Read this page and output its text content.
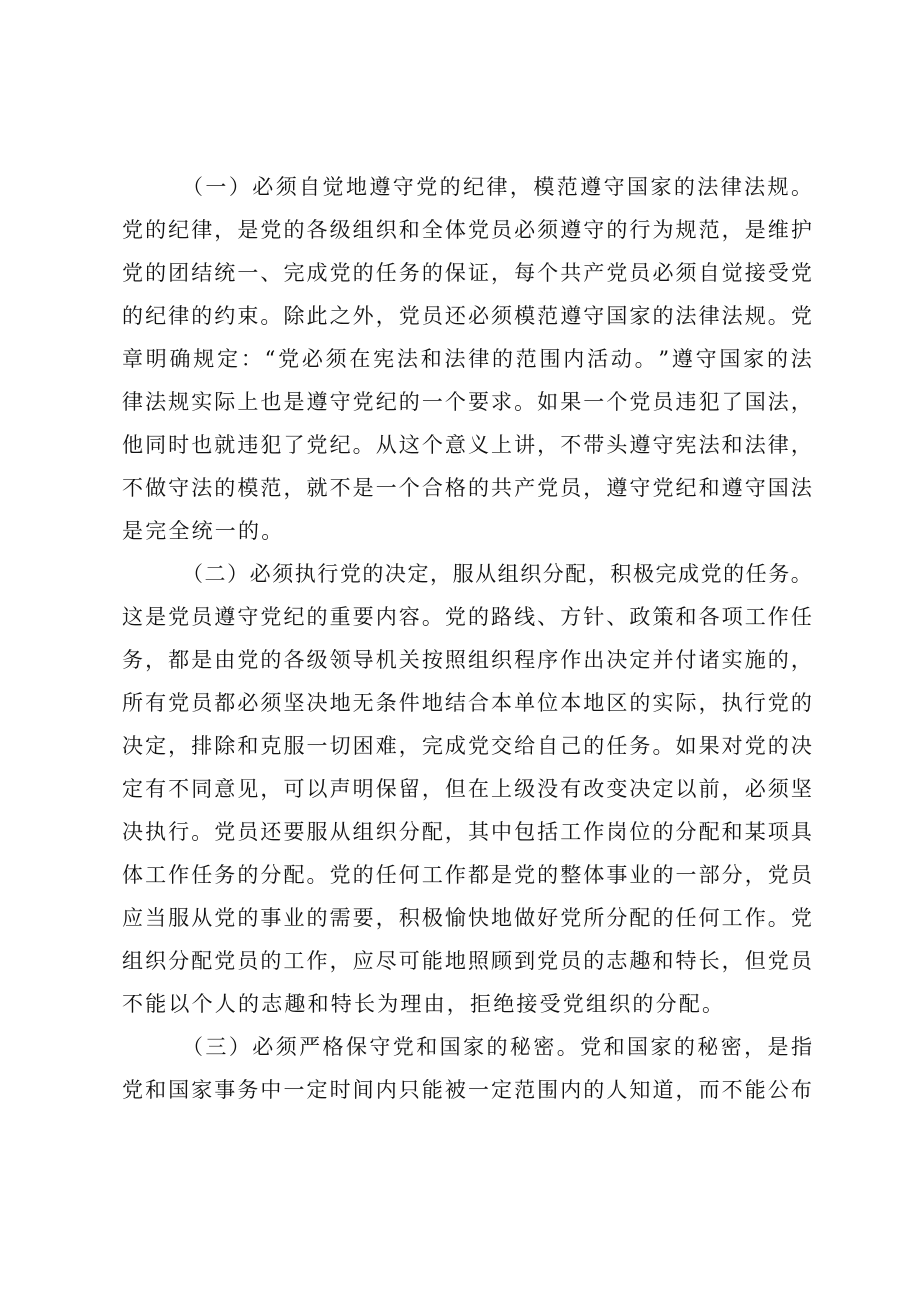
（ 一 ） 必 须 自 觉 地 遵 守 党 的 纪 律 ， 模 范 遵 守 国 家 的 法 律 法 规 。
党 的 纪 律 ， 是 党 的 各 级 组 织 和 全 体 党 员 必 须 遵 守 的 行 为 规 范 ， 是 维 护
党 的 团 结 统 一 、 完 成 党 的 任 务 的 保 证 ， 每 个 共 产 党 员 必 须 自 觉 接 受 党
的 纪 律 的 约 束 。 除 此 之 外 ， 党 员 还 必 须 模 范 遵 守 国 家 的 法 律 法 规 。 党
章 明 确 规 定 ： “ 党 必 须 在 宪 法 和 法 律 的 范 围 内 活 动 。 ” 遵 守 国 家 的 法
律 法 规 实 际 上 也 是 遵 守 党 纪 的 一 个 要 求 。 如 果 一 个 党 员 违 犯 了 国 法 ，
他 同 时 也 就 违 犯 了 党 纪 。 从 这 个 意 义 上 讲 ， 不 带 头 遵 守 宪 法 和 法 律 ，
不 做 守 法 的 模 范 ， 就 不 是 一 个 合 格 的 共 产 党 员 ， 遵 守 党 纪 和 遵 守 国 法
是完全统一的。
（ 二 ） 必 须 执 行 党 的 决 定 ， 服 从 组 织 分 配 ， 积 极 完 成 党 的 任 务 。
这 是 党 员 遵 守 党 纪 的 重 要 内 容 。 党 的 路 线 、 方 针 、 政 策 和 各 项 工 作 任
务 ， 都 是 由 党 的 各 级 领 导 机 关 按 照 组 织 程 序 作 出 决 定 并 付 诸 实 施 的 ，
所 有 党 员 都 必 须 坚 决 地 无 条 件 地 结 合 本 单 位 本 地 区 的 实 际 ， 执 行 党 的
决 定 ， 排 除 和 克 服 一 切 困 难 ， 完 成 党 交 给 自 己 的 任 务 。 如 果 对 党 的 决
定 有 不 同 意 见 ， 可 以 声 明 保 留 ， 但 在 上 级 没 有 改 变 决 定 以 前 ， 必 须 坚
决 执 行 。 党 员 还 要 服 从 组 织 分 配 ， 其 中 包 括 工 作 岗 位 的 分 配 和 某 项 具
体 工 作 任 务 的 分 配 。 党 的 任 何 工 作 都 是 党 的 整 体 事 业 的 一 部 分 ， 党 员
应 当 服 从 党 的 事 业 的 需 要 ， 积 极 愉 快 地 做 好 党 所 分 配 的 任 何 工 作 。 党
组 织 分 配 党 员 的 工 作 ， 应 尽 可 能 地 照 顾 到 党 员 的 志 趣 和 特 长 ， 但 党 员
不能以个人的志趣和特长为理由，拒绝接受党组织的分配。
（ 三 ） 必 须 严 格 保 守 党 和 国 家 的 秘 密 。 党 和 国 家 的 秘 密 ， 是 指
党 和 国 家 事 务 中 一 定 时 间 内 只 能 被 一 定 范 围 内 的 人 知 道 ， 而 不 能 公 布
